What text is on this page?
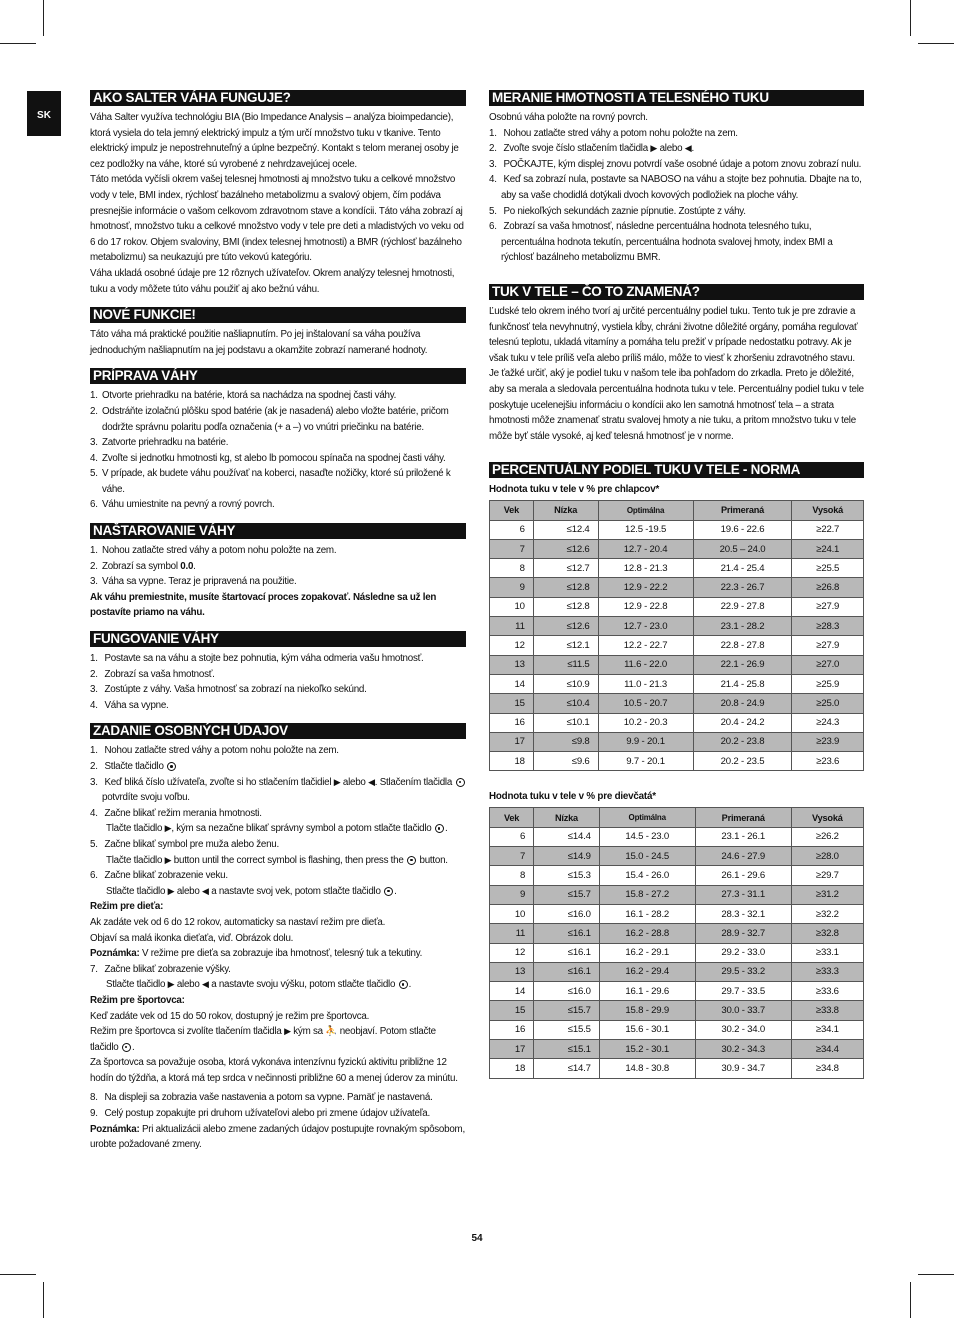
SK
AKO SALTER VÁHA FUNGUJE?

Váha Salter využíva technológiu BIA (Bio Impedance Analysis – analýza bioimpedancie), ktorá vysiela do tela jemný elektrický impulz a tým určí množstvo tuku v tkanive. Tento elektrický impulz je nepostrehnuteľný a úplne bezpečný. Kontakt s telom meranej osoby je cez podložky na váhe, ktoré sú vyrobené z nehrdzavejúcej ocele.

Táto metóda vyčísli okrem vašej telesnej hmotnosti aj množstvo tuku a celkové množstvo vody v tele, BMI index, rýchlosť bazálneho metabolizmu a svalový objem, čím podáva presnejšie informácie o vašom celkovom zdravotnom stave a kondícii. Táto váha zobrazí aj hmotnosť, množstvo tuku a celkové množstvo vody v tele pre deti a mladistvých vo veku od 6 do 17 rokov. Objem svaloviny, BMI (index telesnej hmotnosti) a BMR (rýchlosť bazálneho metabolizmu) sa neukazujú pre túto vekovú kategóriu.

Váha ukladá osobné údaje pre 12 rôznych užívateľov. Okrem analýzy telesnej hmotnosti, tuku a vody môžete túto váhu použiť aj ako bežnú váhu.

NOVÉ FUNKCIE!

Táto váha má praktické použitie našliapnutím. Po jej inštalovaní sa váha používa jednoduchým našliapnutím na jej podstavu a okamžite zobrazí namerané hodnoty.

PRÍPRAVA VÁHY
1. Otvorte priehradku na batérie, ktorá sa nachádza na spodnej časti váhy.
2. Odstráňte izolačnú plôšku spod batérie (ak je nasadená) alebo vložte batérie, pričom dodržte správnu polaritu podľa označenia (+ a –) vo vnútri priečinku na batérie.
3. Zatvorte priehradku na batérie.
4. Zvoľte si jednotku hmotnosti kg, st alebo lb pomocou spínača na spodnej časti váhy.
5. V prípade, ak budete váhu používať na koberci, nasaďte nožičky, ktoré sú priložené k váhe.
6. Váhu umiestnite na pevný a rovný povrch.
NAŠTAROVANIE VÁHY
1. Nohou zatlačte stred váhy a potom nohu položte na zem.
2. Zobrazí sa symbol 0.0.
3. Váha sa vypne. Teraz je pripravená na použitie.

Ak váhu premiestnite, musíte štartovací proces zopakovať. Následne sa už len postavíte priamo na váhu.

FUNGOVANIE VÁHY
1. Postavte sa na váhu a stojte bez pohnutia, kým váha odmeria vašu hmotnosť.
2. Zobrazí sa vaša hmotnosť.
3. Zostúpte z váhy. Vaša hmotnosť sa zobrazí na niekoľko sekúnd.
4. Váha sa vypne.
ZADANIE OSOBNÝCH ÚDAJOV
1. Nohou zatlačte stred váhy a potom nohu položte na zem.
2. Stlačte tlačidlo
3. Keď bliká číslo užívateľa, zvoľte si ho stlačením tlačidiel ▶ alebo ◀. Stlačením tlačidla potvrdíte svoju voľbu.
4. Začne blikať režim merania hmotnosti.
Tlačte tlačidlo ▶, kým sa nezačne blikať správny symbol a potom stlačte tlačidlo .
5. Začne blikať symbol pre muža alebo ženu.
Tlačte tlačidlo ▶ button until the correct symbol is flashing, then press the button.
6. Začne blikať zobrazenie veku.
Stlačte tlačidlo ▶ alebo ◀ a nastavte svoj vek, potom stlačte tlačidlo .

Režim pre dieťa:

Ak zadáte vek od 6 do 12 rokov, automaticky sa nastaví režim pre dieťa.

Objaví sa malá ikonka dieťaťa, viď. Obrázok dolu.

Poznámka: V režime pre dieťa sa zobrazuje iba hmotnosť, telesný tuk a tekutiny.

7. Začne blikať zobrazenie výšky.
Stlačte tlačidlo ▶ alebo ◀ a nastavte svoju výšku, potom stlačte tlačidlo .

Režim pre športovca:

Keď zadáte vek od 15 do 50 rokov, dostupný je režim pre športovca.

Režim pre športovca si zvolíte tlačením tlačidla ▶ kým sa ⛹ neobjaví. Potom stlačte tlačidlo .

Za športovca sa považuje osoba, ktorá vykonáva intenzívnu fyzickú aktivitu približne 12 hodín do týždňa, a ktorá má tep srdca v nečinnosti približne 60 a menej úderov za minútu.

8. Na displeji sa zobrazia vaše nastavenia a potom sa vypne. Pamäť je nastavená.
9. Celý postup zopakujte pri druhom užívateľovi alebo pri zmene údajov užívateľa.

Poznámka: Pri aktualizácii alebo zmene zadaných údajov postupujte rovnakým spôsobom, urobte požadované zmeny.

MERANIE HMOTNOSTI A TELESNÉHO TUKU

Osobnú váha položte na rovný povrch.

1. Nohou zatlačte stred váhy a potom nohu položte na zem.
2. Zvoľte svoje číslo stlačením tlačidla ▶ alebo ◀.
3. POČKAJTE, kým displej znovu potvrdí vaše osobné údaje a potom znovu zobrazí nulu.
4. Keď sa zobrazí nula, postavte sa NABOSO na váhu a stojte bez pohnutia. Dbajte na to, aby sa vaše chodidlá dotýkali dvoch kovových podložiek na ploche váhy.
5. Po niekoľkých sekundách zaznie pípnutie. Zostúpte z váhy.
6. Zobrazí sa vaša hmotnosť, následne percentuálna hodnota telesného tuku, percentuálna hodnota tekutín, percentuálna hodnota svalovej hmoty, index BMI a rýchlosť bazálneho metabolizmu BMR.
TUK V TELE – ČO TO ZNAMENÁ?

Ľudské telo okrem iného tvorí aj určité percentuálny podiel tuku. Tento tuk je pre zdravie a funkčnosť tela nevyhnutný, vystiela kĺby, chráni životne dôležité orgány, pomáha regulovať telesnú teplotu, ukladá vitamíny a pomáha telu prežiť v prípade nedostatku potravy. Ak je však tuku v tele príliš veľa alebo príliš málo, môže to viesť k zhoršeniu zdravotného stavu. Je ťažké určiť, aký je podiel tuku v našom tele iba pohľadom do zrkadla. Preto je dôležité, aby sa merala a sledovala percentuálna hodnota tuku v tele. Percentuálny podiel tuku v tele poskytuje ucelenejšiu informáciu o kondícii ako len samotná hmotnosť tela – a strata hmotnosti môže znamenať stratu svalovej hmoty a nie tuku, a pritom množstvo tuku v tele môže byť stále vysoké, aj keď telesná hmotnosť je v norme.

PERCENTUÁLNY PODIEL TUKU V TELE - NORMA

Hodnota tuku v tele v % pre chlapcov*

Vek	Nízka	Optimálna	Primeraná	Vysoká
6	≤12.4	12.5 -19.5	19.6 - 22.6	≥22.7
7	≤12.6	12.7 - 20.4	20.5 – 24.0	≥24.1
8	≤12.7	12.8 - 21.3	21.4 - 25.4	≥25.5
9	≤12.8	12.9 - 22.2	22.3 - 26.7	≥26.8
10	≤12.8	12.9 - 22.8	22.9 - 27.8	≥27.9
11	≤12.6	12.7 - 23.0	23.1 - 28.2	≥28.3
12	≤12.1	12.2 - 22.7	22.8 - 27.8	≥27.9
13	≤11.5	11.6 - 22.0	22.1 - 26.9	≥27.0
14	≤10.9	11.0 - 21.3	21.4 - 25.8	≥25.9
15	≤10.4	10.5 - 20.7	20.8 - 24.9	≥25.0
16	≤10.1	10.2 - 20.3	20.4 - 24.2	≥24.3
17	≤9.8	9.9 - 20.1	20.2 - 23.8	≥23.9
18	≤9.6	9.7 - 20.1	20.2 - 23.5	≥23.6

Hodnota tuku v tele v % pre dievčatá*

Vek	Nízka	Optimálna	Primeraná	Vysoká
6	≤14.4	14.5 - 23.0	23.1 - 26.1	≥26.2
7	≤14.9	15.0 - 24.5	24.6 - 27.9	≥28.0
8	≤15.3	15.4 - 26.0	26.1 - 29.6	≥29.7
9	≤15.7	15.8 - 27.2	27.3 - 31.1	≥31.2
10	≤16.0	16.1 - 28.2	28.3 - 32.1	≥32.2
11	≤16.1	16.2 - 28.8	28.9 - 32.7	≥32.8
12	≤16.1	16.2 - 29.1	29.2 - 33.0	≥33.1
13	≤16.1	16.2 - 29.4	29.5 - 33.2	≥33.3
14	≤16.0	16.1 - 29.6	29.7 - 33.5	≥33.6
15	≤15.7	15.8 - 29.9	30.0 - 33.7	≥33.8
16	≤15.5	15.6 - 30.1	30.2 - 34.0	≥34.1
17	≤15.1	15.2 - 30.1	30.2 - 34.3	≥34.4
18	≤14.7	14.8 - 30.8	30.9 - 34.7	≥34.8
54
